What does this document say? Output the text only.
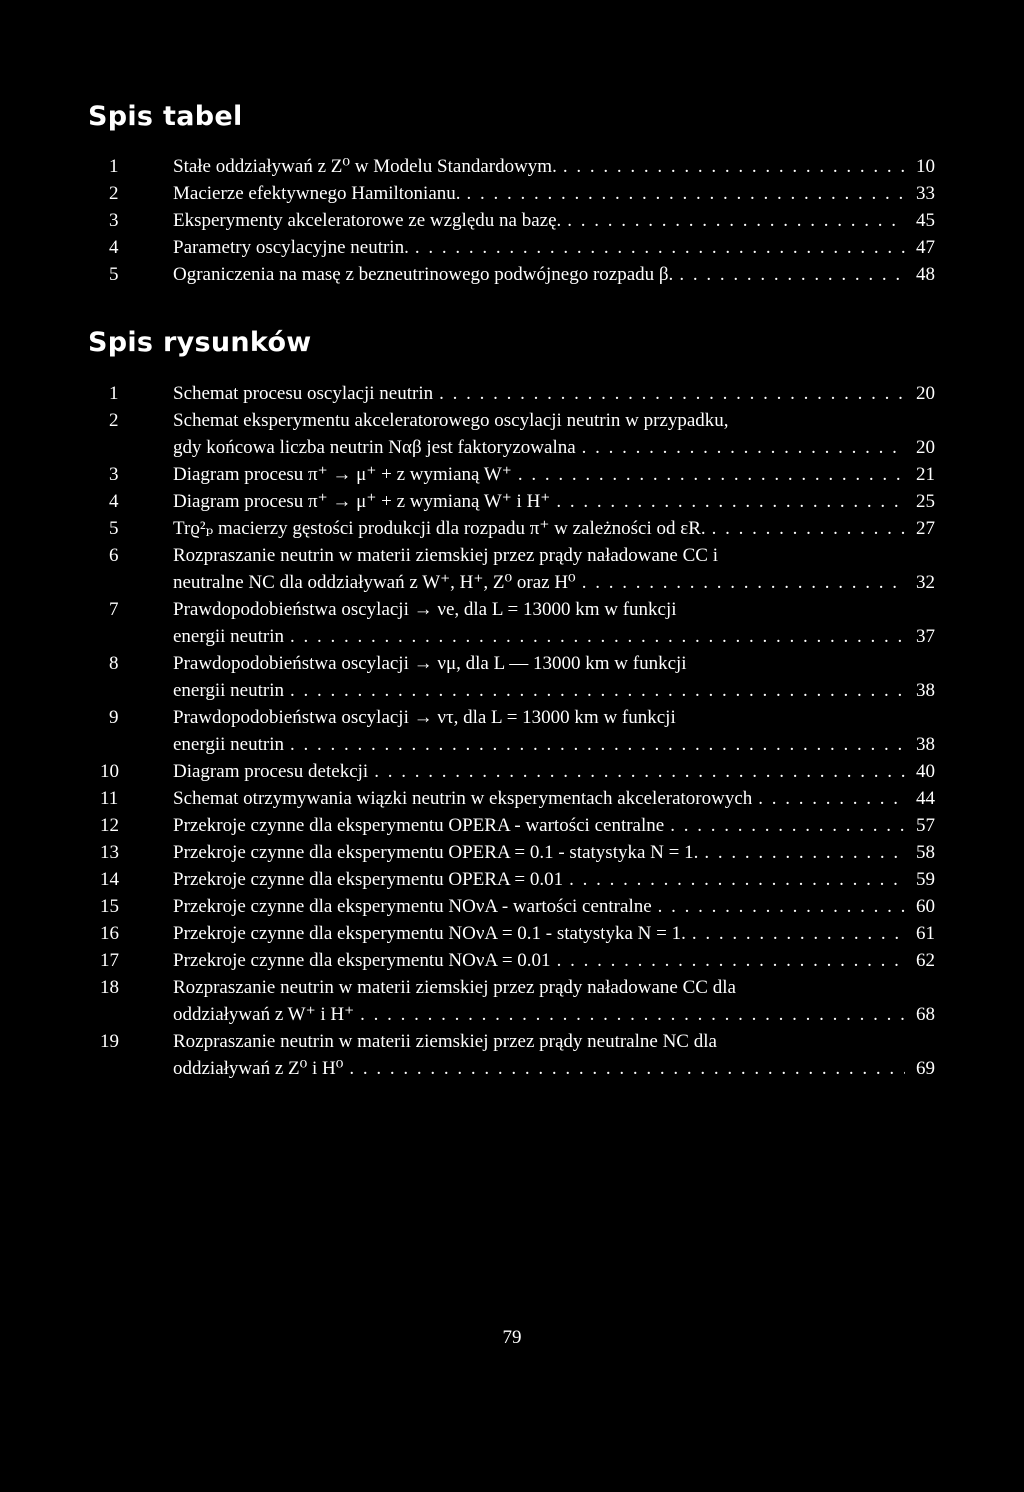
Spis tabel
1	Stałe oddziaływań z Z⁰ w Modelu Standardowym. . . .	10
2	Macierze efektywnego Hamiltonianu. . . .	33
3	Eksperymenty akceleratorowe ze względu na bazę. . . .	45
4	Parametry oscylacyjne neutrin. . . .	47
5	Ograniczenia na masę z bezneutrinowego podwójnego rozpadu β. . . .	48
Spis rysunków
1	Schemat procesu oscylacji neutrin . . .	20
2	Schemat eksperymentu akceleratorowego oscylacji neutrin w przypadku,
gdy końcowa liczba neutrin Nαβ jest faktoryzowalna . . .	20
3	Diagram procesu π⁺ → μ⁺ + z wymianą W⁺ . . .	21
4	Diagram procesu π⁺ → μ⁺ + z wymianą W⁺ i H⁺ . . .	25
5	Trϱ²ₚ macierzy gęstości produkcji dla rozpadu π⁺ w zależności od εR. . . .	27
6	Rozpraszanie neutrin w materii ziemskiej przez prądy naładowane CC i
neutralne NC dla oddziaływań z W⁺, H⁺, Z⁰ oraz H⁰ . . .	32
7	Prawdopodobieństwa oscylacji → νe, dla L = 13000 km w funkcji
energii neutrin . . .	37
8	Prawdopodobieństwa oscylacji → νμ, dla L — 13000 km w funkcji
energii neutrin . . .	38
9	Prawdopodobieństwa oscylacji → ντ, dla L = 13000 km w funkcji
energii neutrin . . .	38
10	Diagram procesu detekcji . . .	40
11	Schemat otrzymywania wiązki neutrin w eksperymentach akceleratorowych . . .	44
12	Przekroje czynne dla eksperymentu OPERA - wartości centralne . . .	57
13	Przekroje czynne dla eksperymentu OPERA = 0.1 - statystyka N = 1. . . .	58
14	Przekroje czynne dla eksperymentu OPERA = 0.01 . . .	59
15	Przekroje czynne dla eksperymentu NOνA - wartości centralne . . .	60
16	Przekroje czynne dla eksperymentu NOνA = 0.1 - statystyka N = 1. . . .	61
17	Przekroje czynne dla eksperymentu NOνA = 0.01 . . .	62
18	Rozpraszanie neutrin w materii ziemskiej przez prądy naładowane CC dla
oddziaływań z W⁺ i H⁺ . . .	68
19	Rozpraszanie neutrin w materii ziemskiej przez prądy neutralne NC dla
oddziaływań z Z⁰ i H⁰ . . .	69
79
